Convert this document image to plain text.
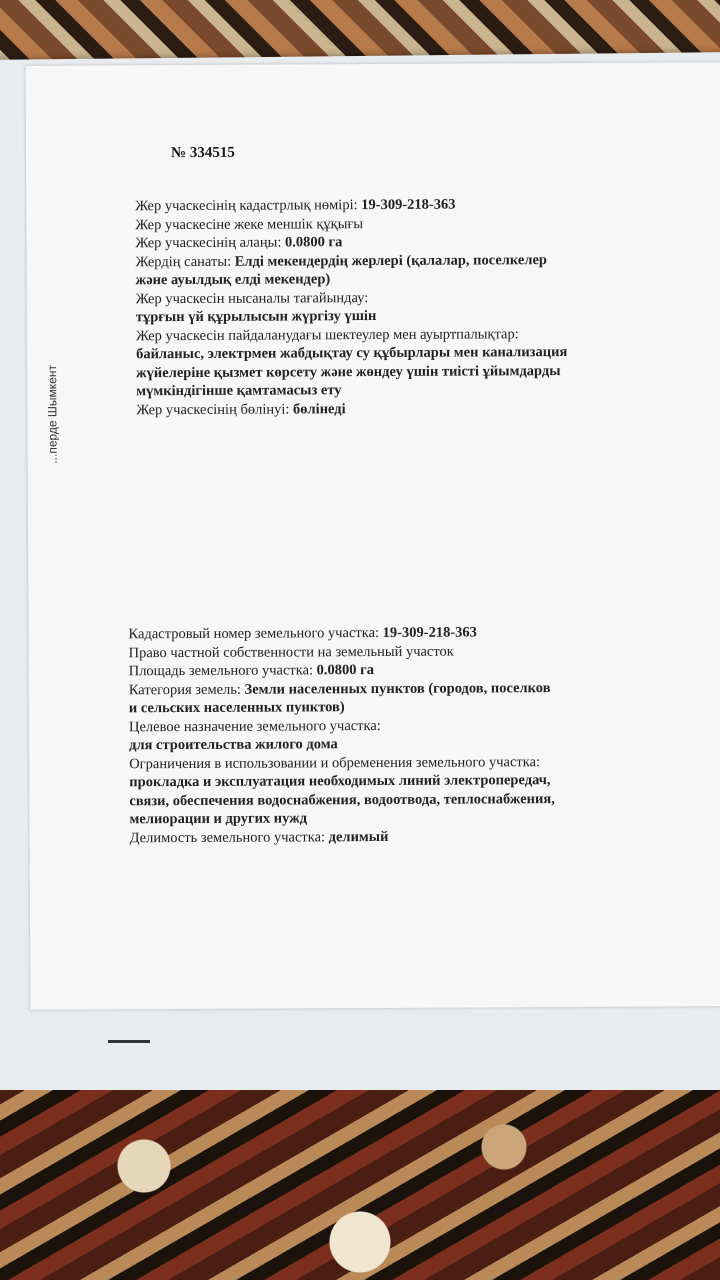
...перде Шымкент
№ 334515
Жер учаскесінің кадастрлық нөмірі: 19-309-218-363
Жер учаскесіне жеке меншік құқығы
Жер учаскесінің алаңы: 0.0800 га
Жердің санаты: Елді мекендердің жерлері (қалалар, поселкелер
және ауылдық елді мекендер)
Жер учаскесін нысаналы тағайындау:
тұрғын үй құрылысын жүргізу үшін
Жер учаскесін пайдаланудағы шектеулер мен ауыртпалықтар:
байланыс, электрмен жабдықтау су құбырлары мен канализация
жүйелеріне қызмет көрсету және жөндеу үшін тиісті ұйымдарды
мүмкіндігінше қамтамасыз ету
Жер учаскесінің бөлінуі: бөлінеді
Кадастровый номер земельного участка: 19-309-218-363
Право частной собственности на земельный участок
Площадь земельного участка: 0.0800 га
Категория земель: Земли населенных пунктов (городов, поселков
и сельских населенных пунктов)
Целевое назначение земельного участка:
для строительства жилого дома
Ограничения в использовании и обременения земельного участка:
прокладка и эксплуатация необходимых линий электропередач,
связи, обеспечения водоснабжения, водоотвода, теплоснабжения,
мелиорации и других нужд
Делимость земельного участка: делимый
